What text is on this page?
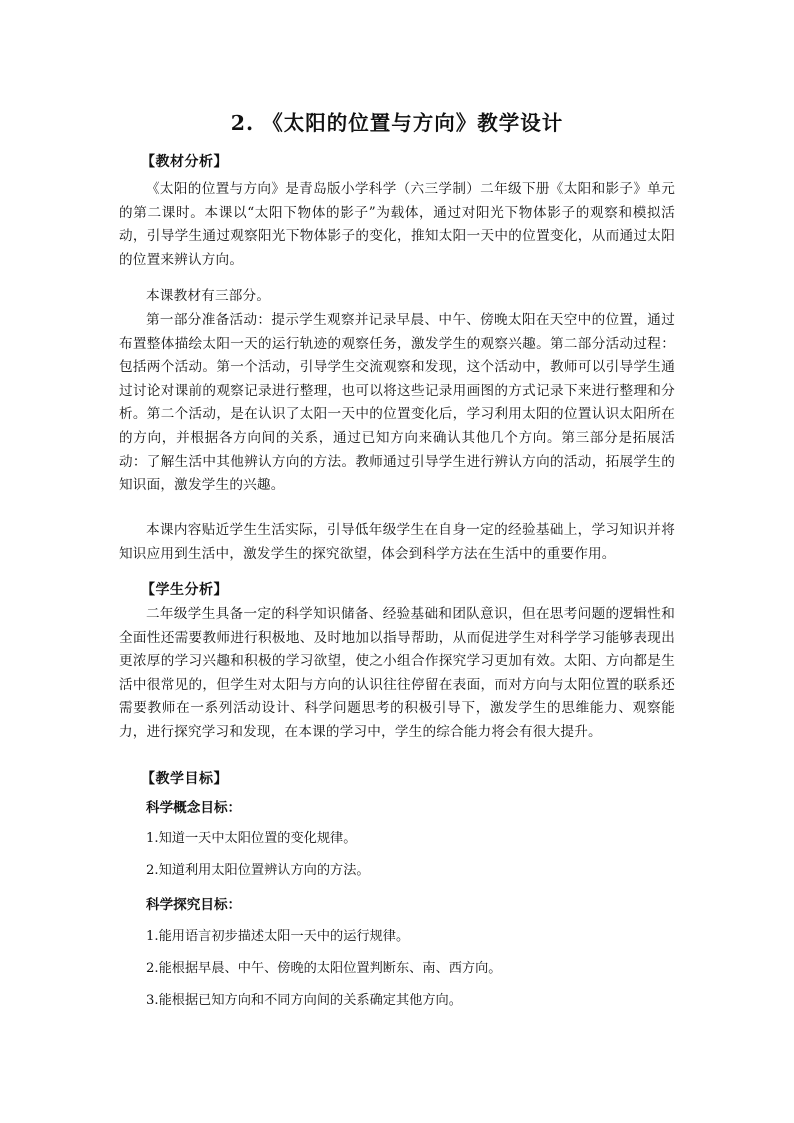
2. 《太阳的位置与方向》教学设计
【教材分析】

《太阳的位置与方向》是青岛版小学科学（六三学制）二年级下册《太阳和影子》单元的第二课时。本课以“太阳下物体的影子”为载体，通过对阳光下物体影子的观察和模拟活动，引导学生通过观察阳光下物体影子的变化，推知太阳一天中的位置变化，从而通过太阳的位置来辨认方向。

本课教材有三部分。

第一部分准备活动：提示学生观察并记录早晨、中午、傍晚太阳在天空中的位置，通过布置整体描绘太阳一天的运行轨迹的观察任务，激发学生的观察兴趣。第二部分活动过程：包括两个活动。第一个活动，引导学生交流观察和发现，这个活动中，教师可以引导学生通过讨论对课前的观察记录进行整理，也可以将这些记录用画图的方式记录下来进行整理和分析。第二个活动，是在认识了太阳一天中的位置变化后，学习利用太阳的位置认识太阳所在的方向，并根据各方向间的关系，通过已知方向来确认其他几个方向。第三部分是拓展活动：了解生活中其他辨认方向的方法。教师通过引导学生进行辨认方向的活动，拓展学生的知识面，激发学生的兴趣。

本课内容贴近学生生活实际，引导低年级学生在自身一定的经验基础上，学习知识并将知识应用到生活中，激发学生的探究欲望，体会到科学方法在生活中的重要作用。

【学生分析】

二年级学生具备一定的科学知识储备、经验基础和团队意识，但在思考问题的逻辑性和全面性还需要教师进行积极地、及时地加以指导帮助，从而促进学生对科学学习能够表现出更浓厚的学习兴趣和积极的学习欲望，使之小组合作探究学习更加有效。太阳、方向都是生活中很常见的，但学生对太阳与方向的认识往往停留在表面，而对方向与太阳位置的联系还需要教师在一系列活动设计、科学问题思考的积极引导下，激发学生的思维能力、观察能力，进行探究学习和发现，在本课的学习中，学生的综合能力将会有很大提升。

【教学目标】
科学概念目标：
1.知道一天中太阳位置的变化规律。
2.知道利用太阳位置辨认方向的方法。
科学探究目标：
1.能用语言初步描述太阳一天中的运行规律。
2.能根据早晨、中午、傍晚的太阳位置判断东、南、西方向。
3.能根据已知方向和不同方向间的关系确定其他方向。
